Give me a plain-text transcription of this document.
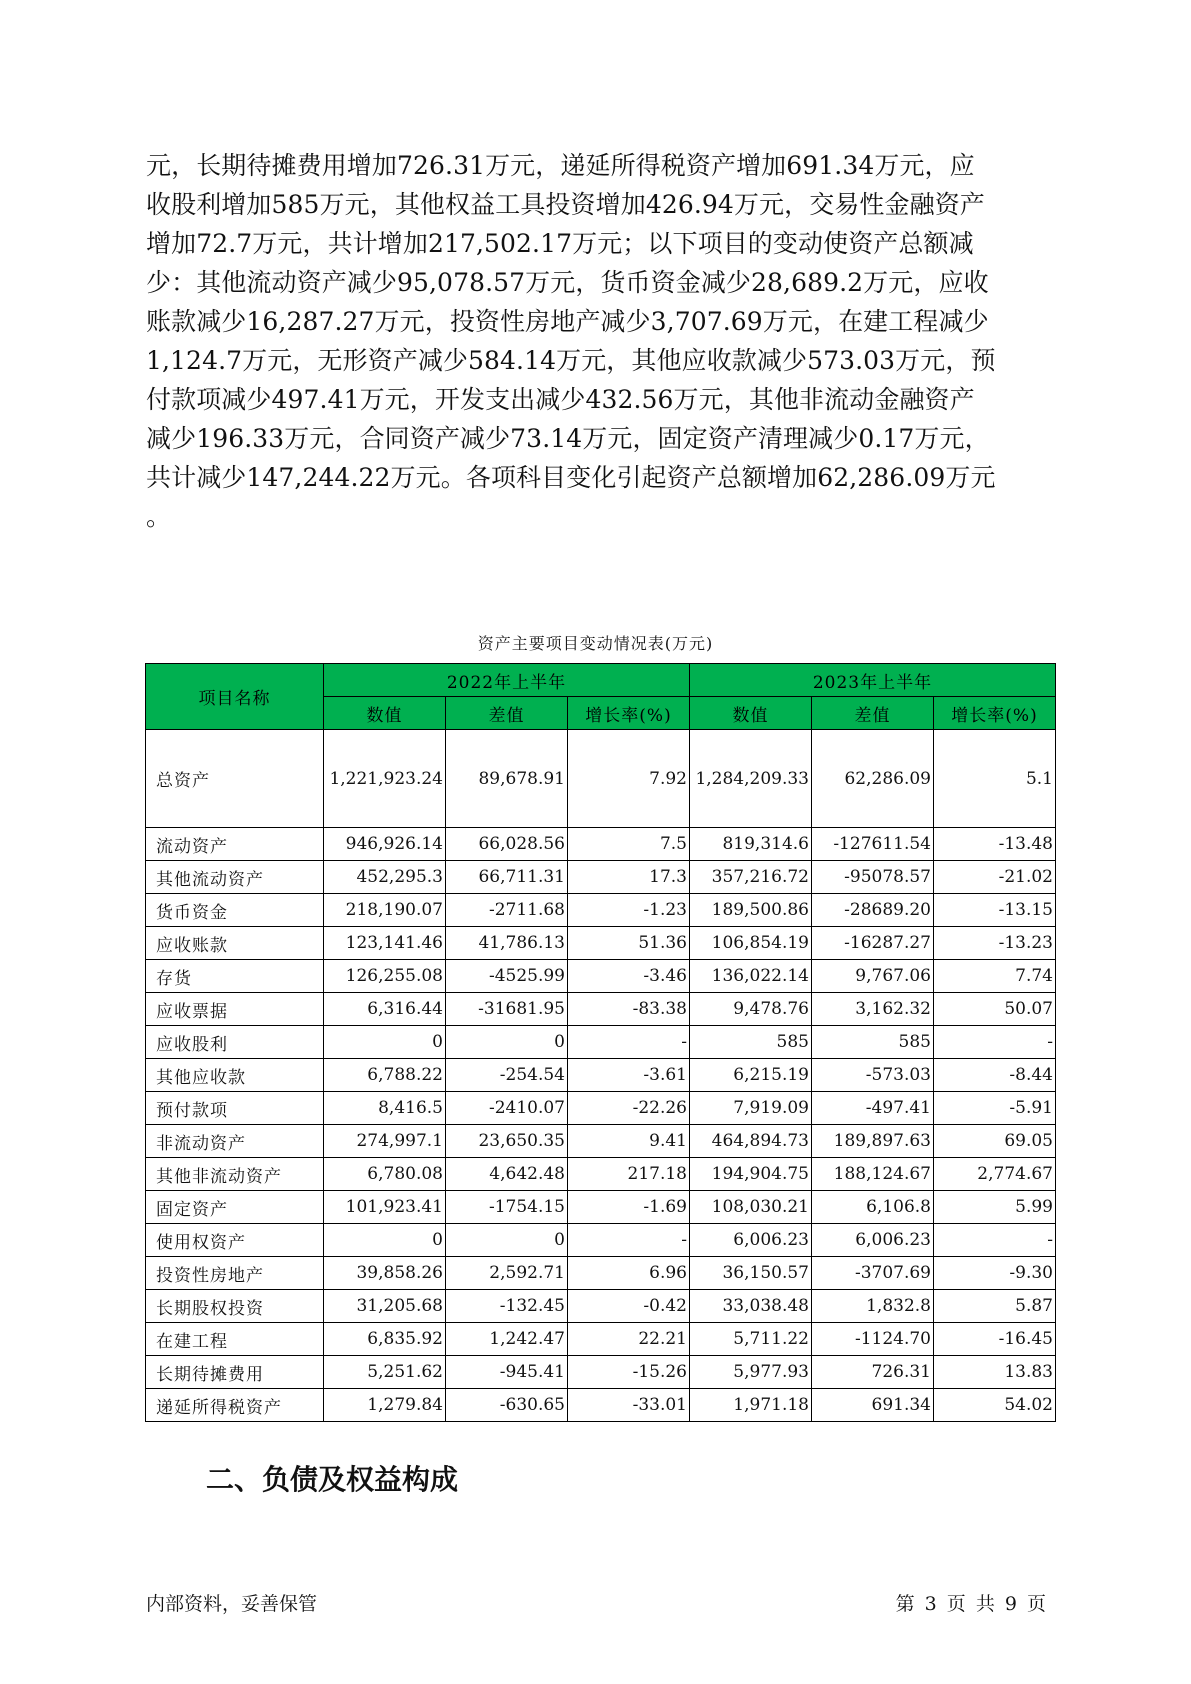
元，长期待摊费用增加726.31万元，递延所得税资产增加691.34万元，应
收股利增加585万元，其他权益工具投资增加426.94万元，交易性金融资产
增加72.7万元，共计增加217,502.17万元；以下项目的变动使资产总额减
少：其他流动资产减少95,078.57万元，货币资金减少28,689.2万元，应收
账款减少16,287.27万元，投资性房地产减少3,707.69万元，在建工程减少
1,124.7万元，无形资产减少584.14万元，其他应收款减少573.03万元，预
付款项减少497.41万元，开发支出减少432.56万元，其他非流动金融资产
减少196.33万元，合同资产减少73.14万元，固定资产清理减少0.17万元，
共计减少147,244.22万元。各项科目变化引起资产总额增加62,286.09万元
。
资产主要项目变动情况表(万元)
项目名称	2022年上半年			2023年上半年		
	数值	差值	增长率(%)	数值	差值	增长率(%)
总资产	1,221,923.24	89,678.91	7.92	1,284,209.33	62,286.09	5.1
流动资产	946,926.14	66,028.56	7.5	819,314.6	-127611.54	-13.48
其他流动资产	452,295.3	66,711.31	17.3	357,216.72	-95078.57	-21.02
货币资金	218,190.07	-2711.68	-1.23	189,500.86	-28689.20	-13.15
应收账款	123,141.46	41,786.13	51.36	106,854.19	-16287.27	-13.23
存货	126,255.08	-4525.99	-3.46	136,022.14	9,767.06	7.74
应收票据	6,316.44	-31681.95	-83.38	9,478.76	3,162.32	50.07
应收股利	0	0	-	585	585	-
其他应收款	6,788.22	-254.54	-3.61	6,215.19	-573.03	-8.44
预付款项	8,416.5	-2410.07	-22.26	7,919.09	-497.41	-5.91
非流动资产	274,997.1	23,650.35	9.41	464,894.73	189,897.63	69.05
其他非流动资产	6,780.08	4,642.48	217.18	194,904.75	188,124.67	2,774.67
固定资产	101,923.41	-1754.15	-1.69	108,030.21	6,106.8	5.99
使用权资产	0	0	-	6,006.23	6,006.23	-
投资性房地产	39,858.26	2,592.71	6.96	36,150.57	-3707.69	-9.30
长期股权投资	31,205.68	-132.45	-0.42	33,038.48	1,832.8	5.87
在建工程	6,835.92	1,242.47	22.21	5,711.22	-1124.70	-16.45
长期待摊费用	5,251.62	-945.41	-15.26	5,977.93	726.31	13.83
递延所得税资产	1,279.84	-630.65	-33.01	1,971.18	691.34	54.02
二、负债及权益构成
内部资料，妥善保管	第 3 页 共 9 页
